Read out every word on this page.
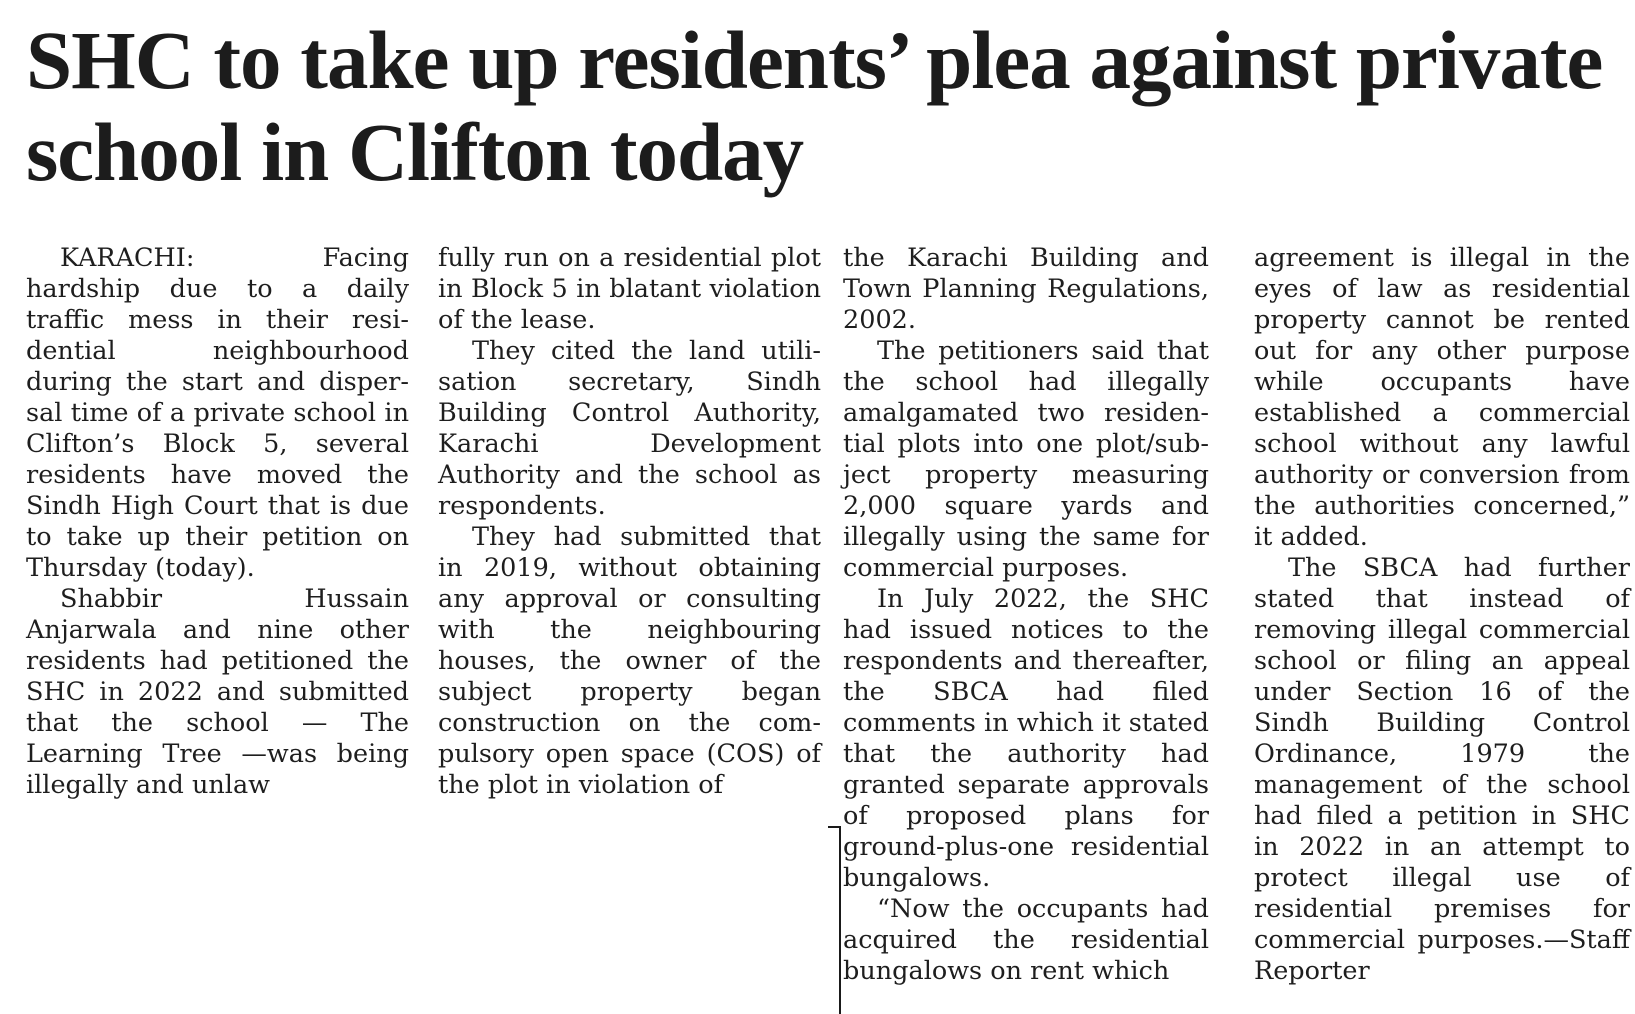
SHC to take up residents’ plea against private school in Clifton today

KARACHI: Facing hardship due to a daily traffic mess in their residential neighbourhood during the start and dispersal time of a private school in Clifton’s Block 5, several residents have moved the Sindh High Court that is due to take up their petition on Thursday (today).

Shabbir Hussain Anjarwala and nine other residents had petitioned the SHC in 2022 and submitted that the school — The Learning Tree —was being illegally and unlaw

fully run on a residential plot in Block 5 in blatant violation of the lease.

They cited the land utilisation secretary, Sindh Building Control Authority, Karachi Development Authority and the school as respondents.

They had submitted that in 2019, without obtaining any approval or consulting with the neighbouring houses, the owner of the subject property began construction on the compulsory open space (COS) of the plot in violation of

the Karachi Building and Town Planning Regulations, 2002.

The petitioners said that the school had illegally amalgamated two residential plots into one plot/subject property measuring 2,000 square yards and illegally using the same for commercial purposes.

In July 2022, the SHC had issued notices to the respondents and thereafter, the SBCA had filed comments in which it stated that the authority had granted separate approvals of proposed plans for ground-plus-one residential bungalows.

“Now the occupants had acquired the residential bungalows on rent which

agreement is illegal in the eyes of law as residential property cannot be rented out for any other purpose while occupants have established a commercial school without any lawful authority or conversion from the authorities concerned,” it added.

The SBCA had further stated that instead of removing illegal commercial school or filing an appeal under Section 16 of the Sindh Building Control Ordinance, 1979 the management of the school had filed a petition in SHC in 2022 in an attempt to protect illegal use of residential premises for commercial purposes.—Staff Reporter
